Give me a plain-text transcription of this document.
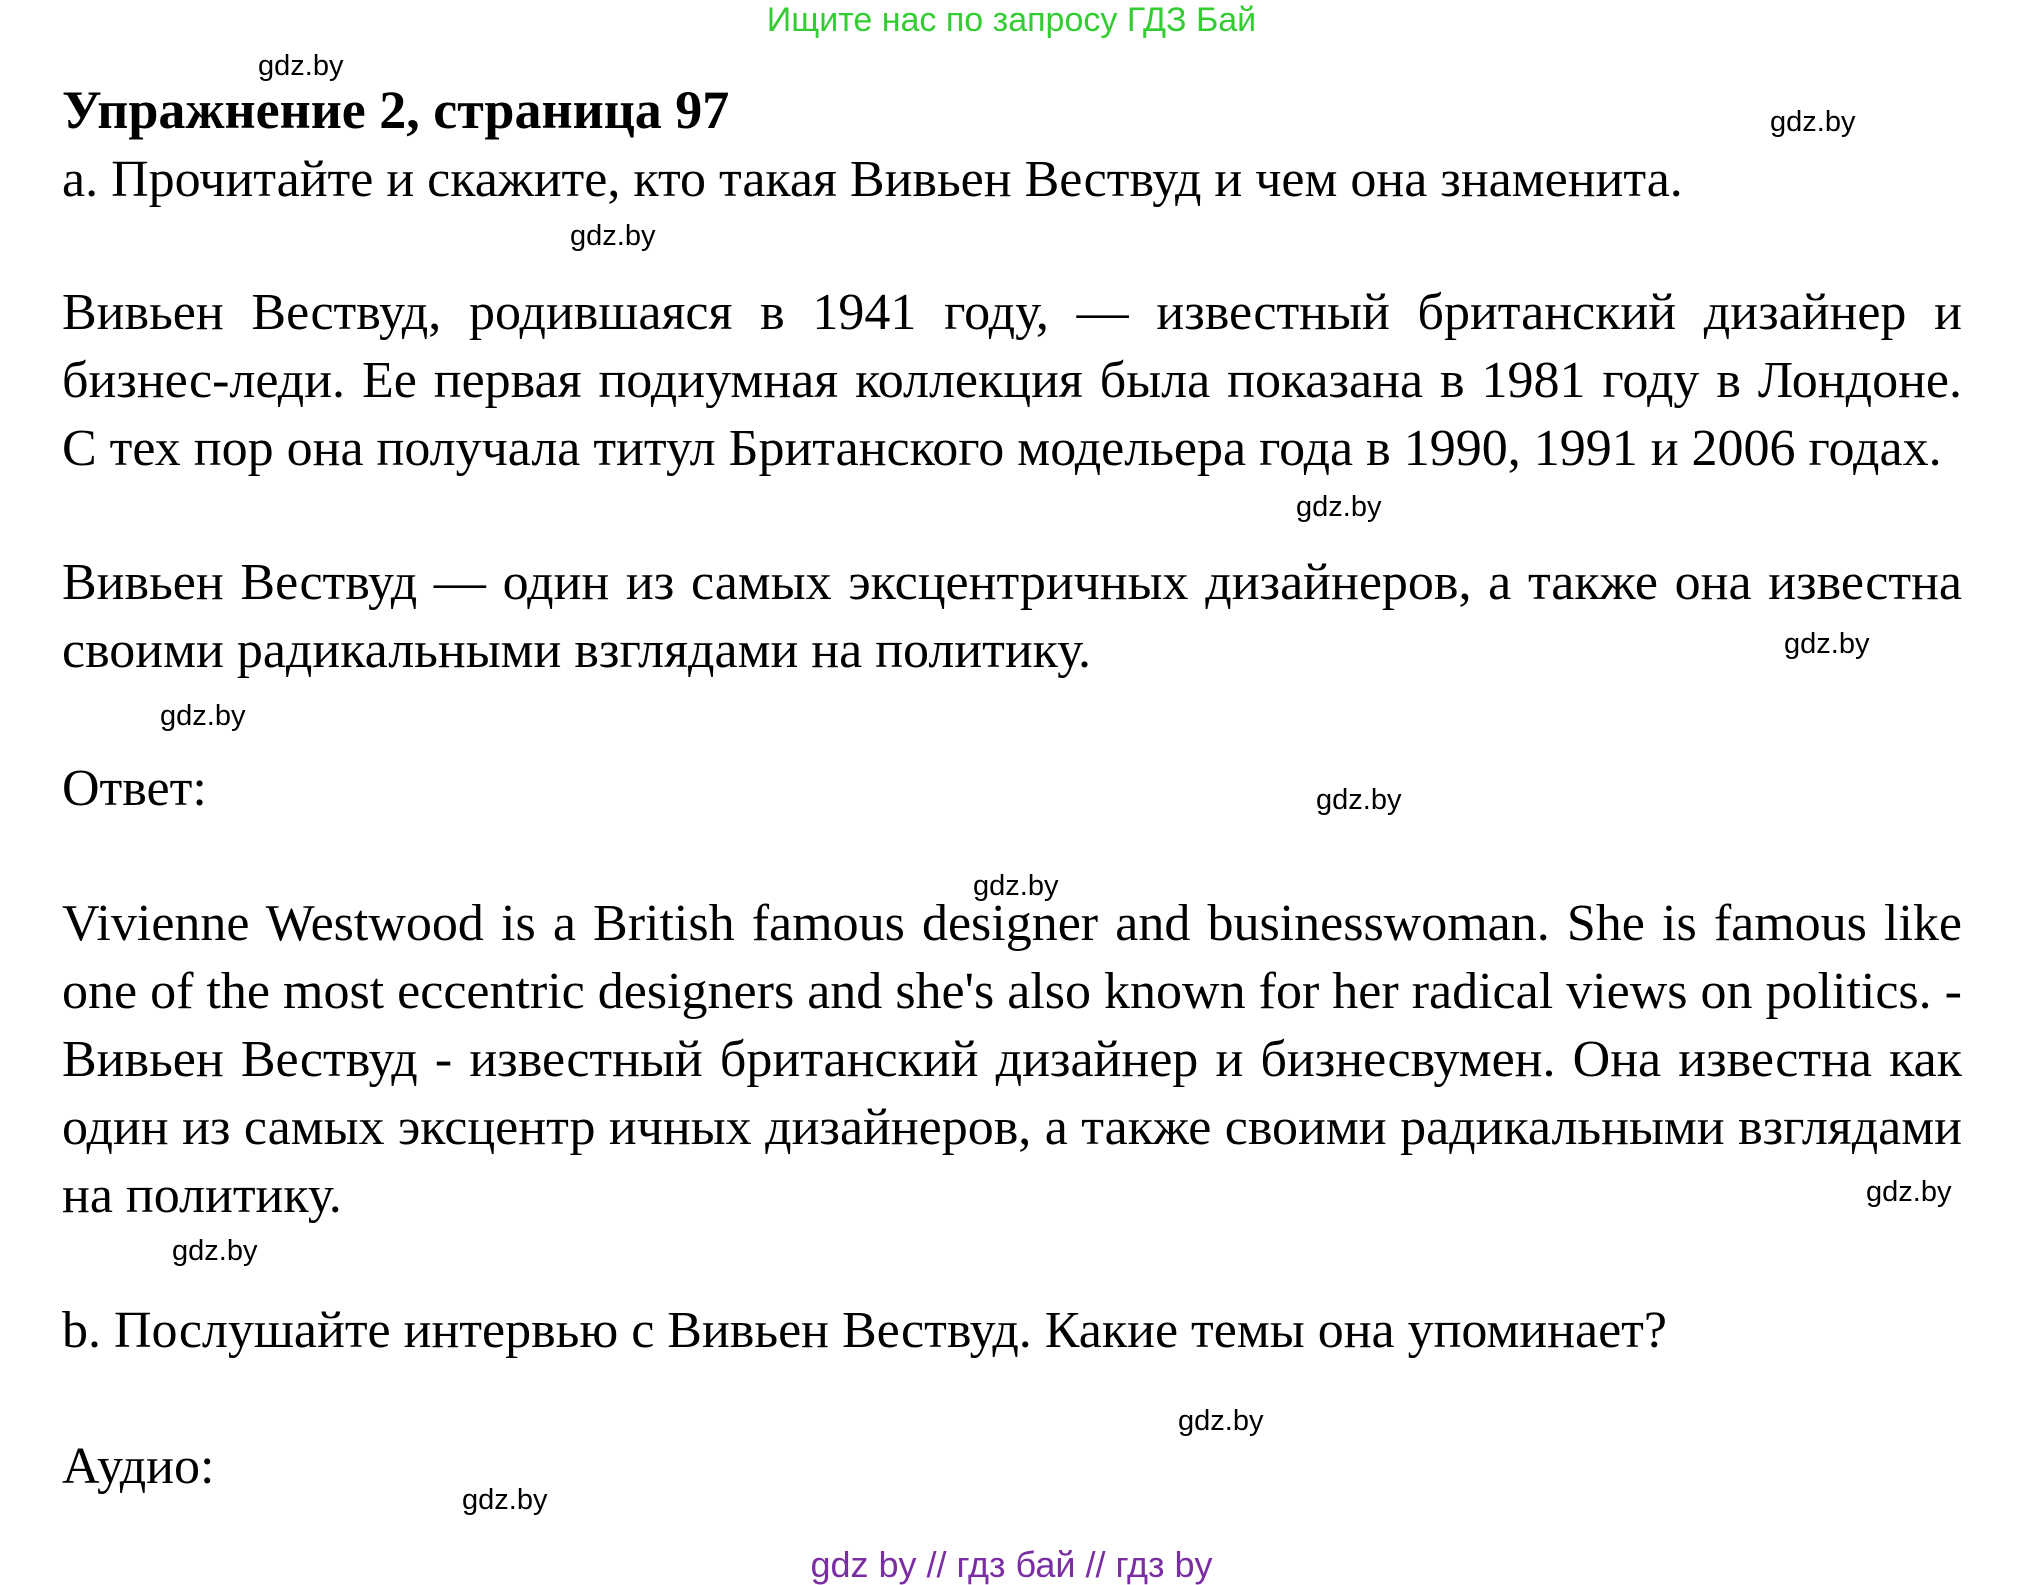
Ищите нас по запросу ГДЗ Бай
gdz.by
Упражнение 2, страница 97	gdz.by
a. Прочитайте и скажите, кто такая Вивьен Вествуд и чем она знаменита.
gdz.by
Вивьен Вествуд, родившаяся в 1941 году, — известный британский дизайнер и бизнес-леди. Ее первая подиумная коллекция была показана в 1981 году в Лондоне. С тех пор она получала титул Британского модельера года в 1990, 1991 и 2006 годах.
gdz.by
Вивьен Вествуд — один из самых эксцентричных дизайнеров, а также она известна своими радикальными взглядами на политику.	gdz.by
gdz.by
Ответ:	gdz.by
gdz.by
Vivienne Westwood is a British famous designer and businesswoman. She is famous like one of the most eccentric designers and she's also known for her radical views on politics. - Вивьен Вествуд - известный британский дизайнер и бизнесвумен. Она известна как один из самых эксцентр ичных дизайнеров, а также своими радикальными взглядами на политику.	gdz.by
gdz.by
b. Послушайте интервью с Вивьен Вествуд. Какие темы она упоминает?
gdz.by
Аудио:
gdz.by
gdz by // гдз бай // гдз by
